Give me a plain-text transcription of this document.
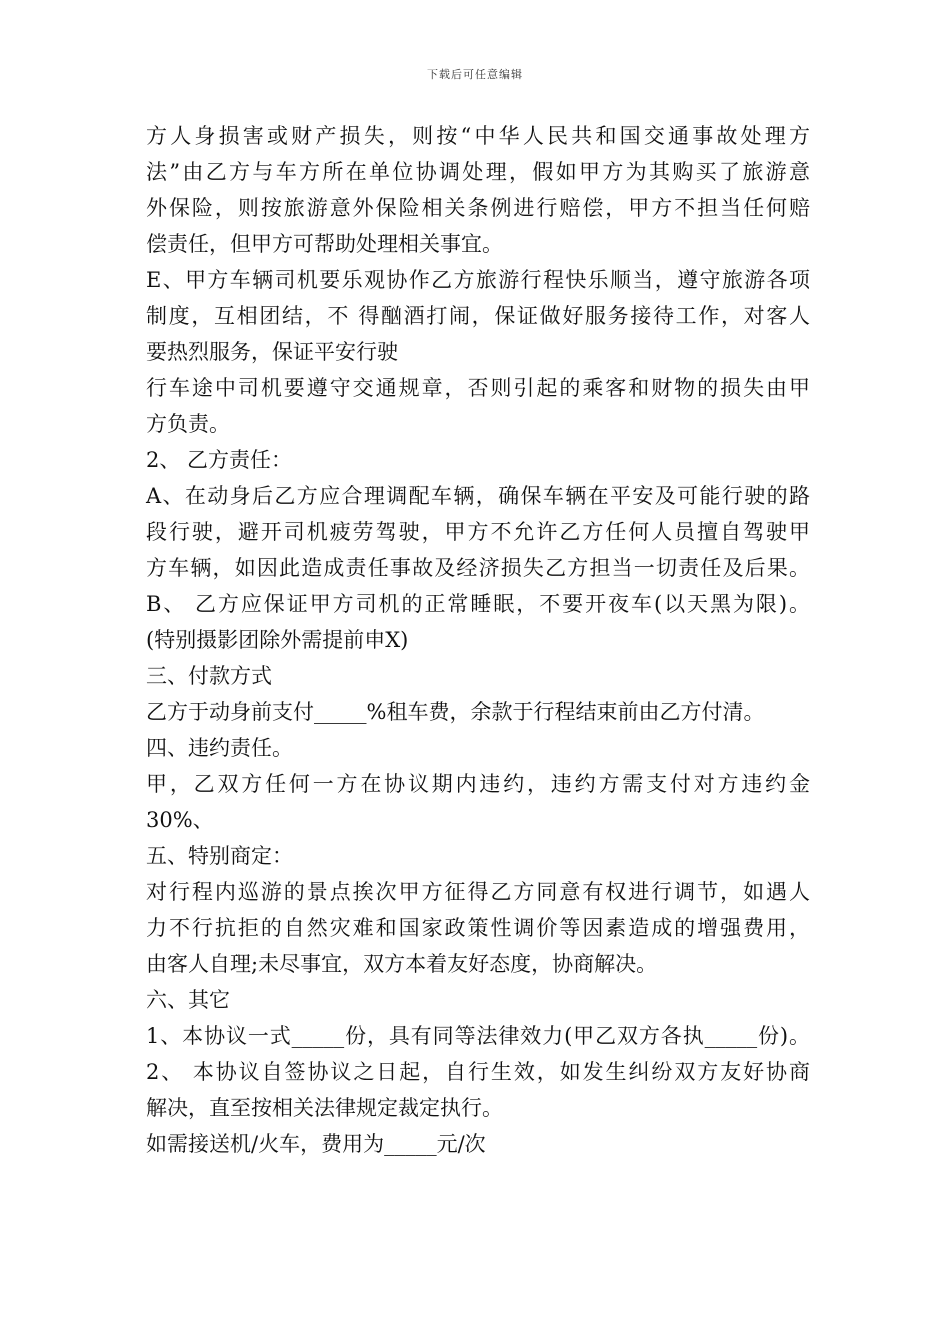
下载后可任意编辑
方人身损害或财产损失，则按“中华人民共和国交通事故处理方
法”由乙方与车方所在单位协调处理，假如甲方为其购买了旅游意
外保险，则按旅游意外保险相关条例进行赔偿，甲方不担当任何赔
偿责任，但甲方可帮助处理相关事宜。
E、甲方车辆司机要乐观协作乙方旅游行程快乐顺当，遵守旅游各项
制度，互相团结，不 得酗酒打闹，保证做好服务接待工作，对客人
要热烈服务，保证平安行驶
行车途中司机要遵守交通规章，否则引起的乘客和财物的损失由甲
方负责。
2、 乙方责任：
A、在动身后乙方应合理调配车辆，确保车辆在平安及可能行驶的路
段行驶，避开司机疲劳驾驶，甲方不允许乙方任何人员擅自驾驶甲
方车辆，如因此造成责任事故及经济损失乙方担当一切责任及后果。
B、 乙方应保证甲方司机的正常睡眠，不要开夜车(以天黑为限)。
(特别摄影团除外需提前申X)
三、付款方式
乙方于动身前支付_____%租车费，余款于行程结束前由乙方付清。
四、违约责任。
甲，乙双方任何一方在协议期内违约，违约方需支付对方违约金
30%、
五、特别商定：
对行程内巡游的景点挨次甲方征得乙方同意有权进行调节，如遇人
力不行抗拒的自然灾难和国家政策性调价等因素造成的增强费用，
由客人自理;未尽事宜，双方本着友好态度，协商解决。
六、其它
1、本协议一式_____份，具有同等法律效力(甲乙双方各执_____份)。
2、 本协议自签协议之日起，自行生效，如发生纠纷双方友好协商
解决，直至按相关法律规定裁定执行。
如需接送机/火车，费用为_____元/次
